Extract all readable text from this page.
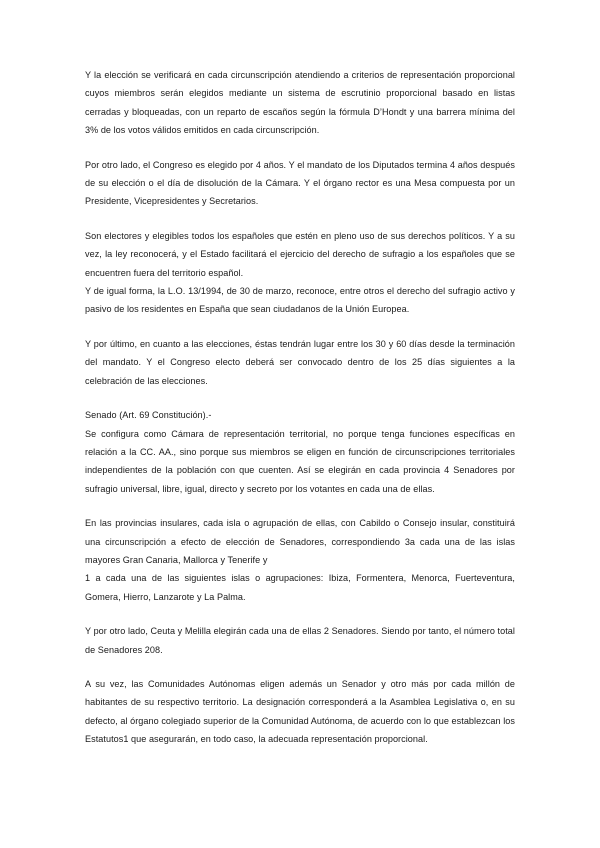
Y la elección se verificará en cada circunscripción atendiendo a criterios de representación proporcional cuyos miembros serán elegidos mediante un sistema de escrutinio proporcional basado en listas cerradas y bloqueadas, con un reparto de escaños según la fórmula D’Hondt y una barrera mínima del 3% de los votos válidos emitidos en cada circunscripción.

Por otro lado, el Congreso es elegido por 4 años. Y el mandato de los Diputados termina 4 años después de su elección o el día de disolución de la Cámara. Y el órgano rector es una Mesa compuesta por un Presidente, Vicepresidentes y Secretarios.

Son electores y elegibles todos los españoles que estén en pleno uso de sus derechos políticos. Y a su vez, la ley reconocerá, y el Estado facilitará el ejercicio del derecho de sufragio a los españoles que se encuentren fuera del territorio español.
Y de igual forma, la L.O. 13/1994, de 30 de marzo, reconoce, entre otros el derecho del sufragio activo y pasivo de los residentes en España que sean ciudadanos de la Unión Europea.

Y por último, en cuanto a las elecciones, éstas tendrán lugar entre los 30 y 60 días desde la terminación del mandato. Y el Congreso electo deberá ser convocado dentro de los 25 días siguientes a la celebración de las elecciones.

Senado (Art. 69 Constitución).-
Se configura como Cámara de representación territorial, no porque tenga funciones específicas en relación a la CC. AA., sino porque sus miembros se eligen en función de circunscripciones territoriales independientes de la población con que cuenten. Así se elegirán en cada provincia 4 Senadores por sufragio universal, libre, igual, directo y secreto por los votantes en cada una de ellas.
En las provincias insulares, cada isla o agrupación de ellas, con Cabildo o Consejo insular, constituirá una circunscripción a efecto de elección de Senadores, correspondiendo 3a cada una de las islas mayores Gran Canaria, Mallorca y Tenerife y
1 a cada una de las siguientes islas o agrupaciones: Ibiza, Formentera, Menorca, Fuerteventura, Gomera, Hierro, Lanzarote y La Palma.

Y por otro lado, Ceuta y Melilla elegirán cada una de ellas 2 Senadores. Siendo por tanto, el número total de Senadores 208.

A su vez, las Comunidades Autónomas eligen además un Senador y otro más por cada millón de habitantes de su respectivo territorio. La designación corresponderá a la Asamblea Legislativa o, en su defecto, al órgano colegiado superior de la Comunidad Autónoma, de acuerdo con lo que establezcan los Estatutos1 que asegurarán, en todo caso, la adecuada representación proporcional.
